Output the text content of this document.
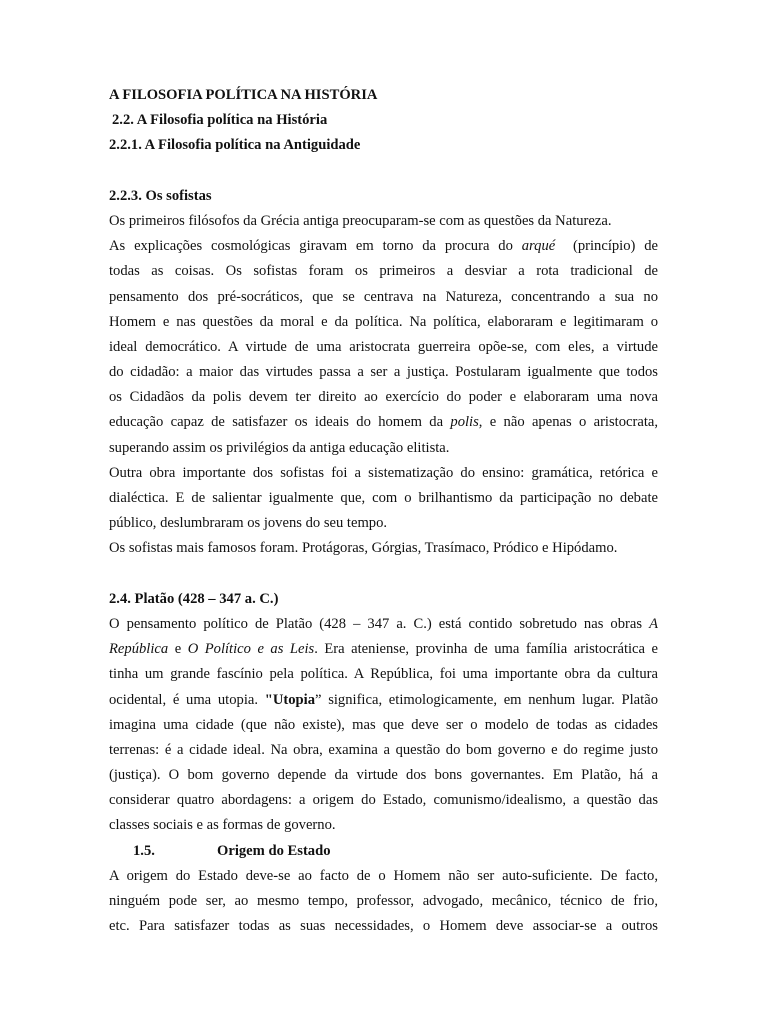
A FILOSOFIA POLÍTICA NA HISTÓRIA
2.2. A Filosofia política na História
2.2.1. A Filosofia política na Antiguidade
2.2.3. Os sofistas
Os primeiros filósofos da Grécia antiga preocuparam-se com as questões da Natureza.
As explicações cosmológicas giravam em torno da procura do arqué (princípio) de
todas as coisas. Os sofistas foram os primeiros a desviar a rota tradicional de
pensamento dos pré-socráticos, que se centrava na Natureza, concentrando a sua no
Homem e nas questões da moral e da política. Na política, elaboraram e legitimaram o
ideal democrático. A virtude de uma aristocrata guerreira opõe-se, com eles, a virtude
do cidadão: a maior das virtudes passa a ser a justiça. Postularam igualmente que todos
os Cidadãos da polis devem ter direito ao exercício do poder e elaboraram uma nova
educação capaz de satisfazer os ideais do homem da polis, e não apenas o aristocrata,
superando assim os privilégios da antiga educação elitista.
Outra obra importante dos sofistas foi a sistematização do ensino: gramática, retórica e
dialéctica. E de salientar igualmente que, com o brilhantismo da participação no debate
público, deslumbraram os jovens do seu tempo.
Os sofistas mais famosos foram. Protágoras, Górgias, Trasímaco, Pródico e Hipódamo.
2.4. Platão (428 – 347 a. C.)
O pensamento político de Platão (428 – 347 a. C.) está contido sobretudo nas obras A
República e O Político e as Leis. Era ateniense, provinha de uma família aristocrática e
tinha um grande fascínio pela política. A República, foi uma importante obra da cultura
ocidental, é uma utopia. "Utopia” significa, etimologicamente, em nenhum lugar. Platão
imagina uma cidade (que não existe), mas que deve ser o modelo de todas as cidades
terrenas: é a cidade ideal. Na obra, examina a questão do bom governo e do regime justo
(justiça). O bom governo depende da virtude dos bons governantes. Em Platão, há a
considerar quatro abordagens: a origem do Estado, comunismo/idealismo, a questão das
classes sociais e as formas de governo.
1.5.	Origem do Estado
A origem do Estado deve-se ao facto de o Homem não ser auto-suficiente. De facto,
ninguém pode ser, ao mesmo tempo, professor, advogado, mecânico, técnico de frio,
etc. Para satisfazer todas as suas necessidades, o Homem deve associar-se a outros
